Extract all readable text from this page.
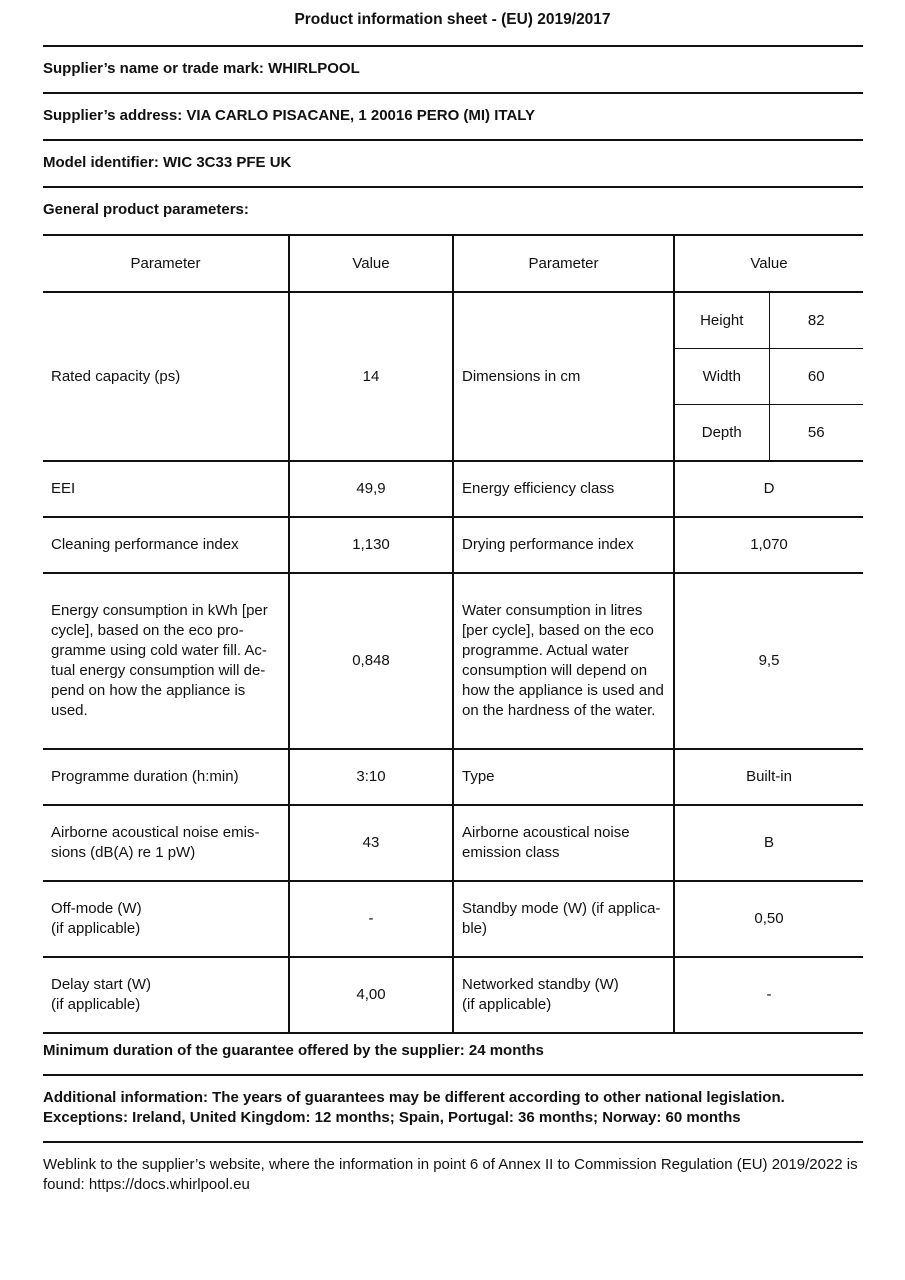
Product information sheet - (EU) 2019/2017
Supplier’s name or trade mark: WHIRLPOOL
Supplier’s address: VIA CARLO PISACANE, 1 20016 PERO (MI) ITALY
Model identifier: WIC 3C33 PFE UK
General product parameters:
Parameter	Value	Parameter	Value
Rated capacity (ps)	14	Dimensions in cm	
Height	82
Width	60
Depth	56

EEI	49,9	Energy efficiency class	D
Cleaning performance index	1,130	Drying performance index	1,070
Energy consumption in kWh [per cycle], based on the eco programme using cold water fill. Actual energy consumption will depend on how the appliance is used.	0,848	Water consumption in litres [per cycle], based on the eco programme. Actual water consumption will depend on how the appliance is used and on the hardness of the water.	9,5
Programme duration (h:min)	3:10	Type	Built-in
Airborne acoustical noise emissions (dB(A) re 1 pW)	43	Airborne acoustical noise emission class	B
Off-mode (W)
(if applicable)	-	Standby mode (W) (if applicable)	0,50
Delay start (W)
(if applicable)	4,00	Networked standby (W)
(if applicable)	-
Minimum duration of the guarantee offered by the supplier: 24 months
Additional information: The years of guarantees may be different according to other national legislation. Exceptions: Ireland, United Kingdom: 12 months; Spain, Portugal: 36 months; Norway: 60 months
Weblink to the supplier’s website, where the information in point 6 of Annex II to Commission Regulation (EU) 2019/2022 is found: https://docs.whirlpool.eu
